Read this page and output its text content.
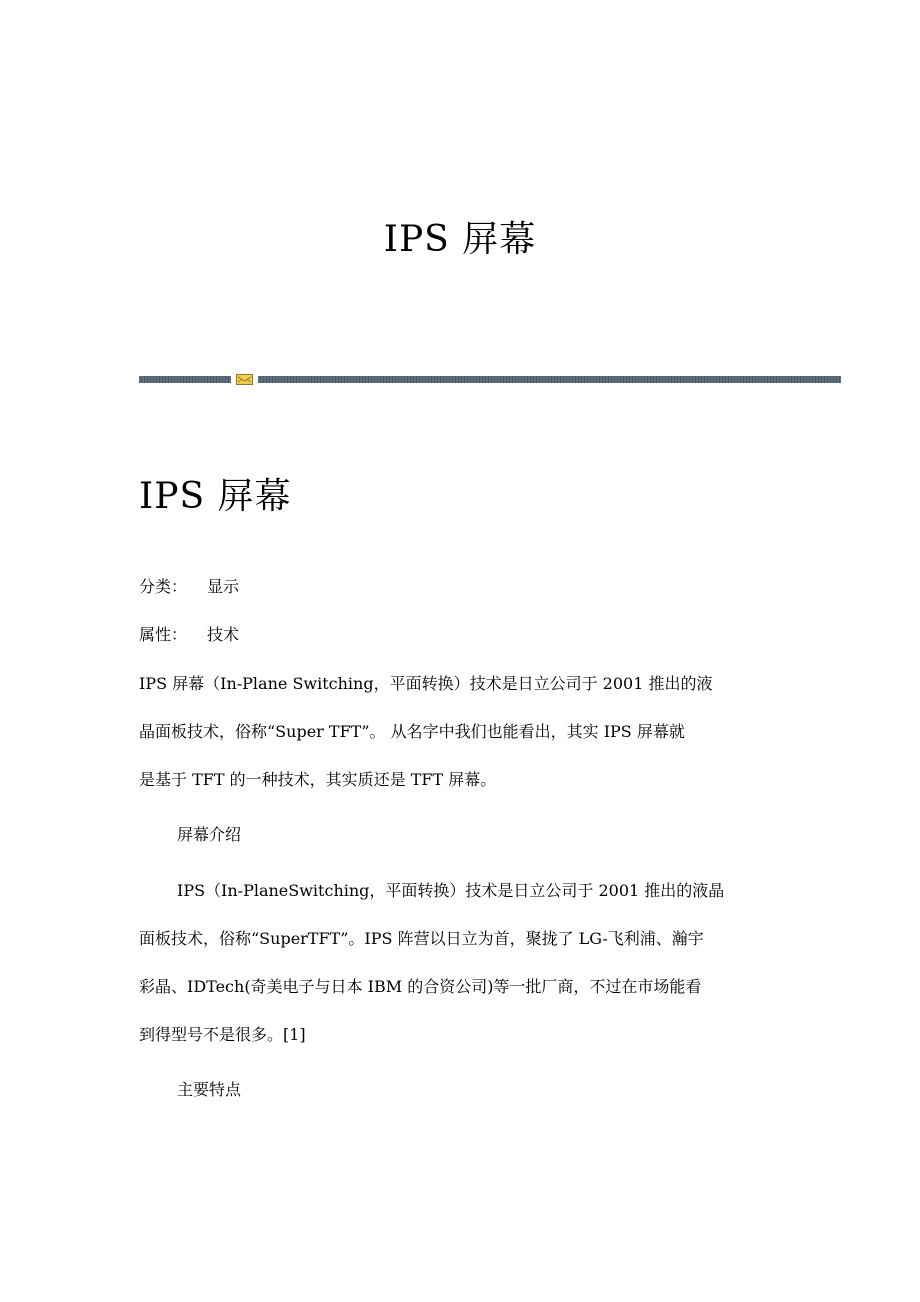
IPS 屏幕
IPS 屏幕
分类： 显示
属性： 技术
IPS 屏幕（In-Plane Switching，平面转换）技术是日立公司于 2001 推出的液
晶面板技术，俗称“Super TFT”。 从名字中我们也能看出，其实 IPS 屏幕就
是基于 TFT 的一种技术，其实质还是 TFT 屏幕。
屏幕介绍
IPS（In-PlaneSwitching，平面转换）技术是日立公司于 2001 推出的液晶
面板技术，俗称“SuperTFT”。IPS 阵营以日立为首，聚拢了 LG-飞利浦、瀚宇
彩晶、IDTech(奇美电子与日本 IBM 的合资公司)等一批厂商，不过在市场能看
到得型号不是很多。[1]
主要特点
